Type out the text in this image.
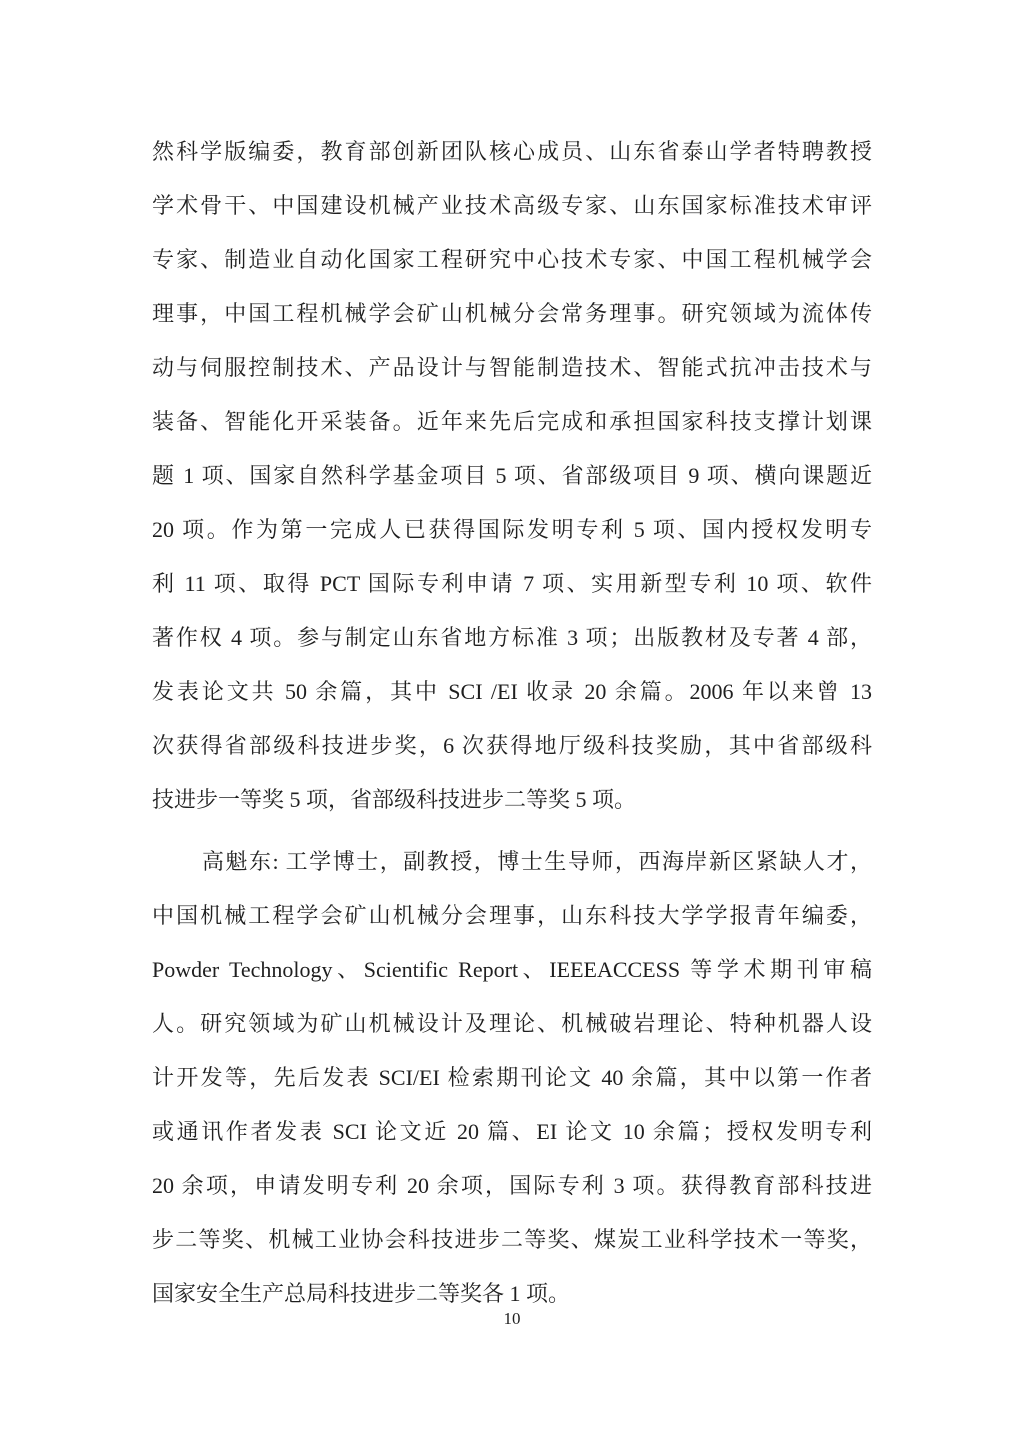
然科学版编委，教育部创新团队核心成员、山东省泰山学者特聘教授
学术骨干、中国建设机械产业技术高级专家、山东国家标准技术审评
专家、制造业自动化国家工程研究中心技术专家、中国工程机械学会
理事，中国工程机械学会矿山机械分会常务理事。研究领域为流体传
动与伺服控制技术、产品设计与智能制造技术、智能式抗冲击技术与
装备、智能化开采装备。近年来先后完成和承担国家科技支撑计划课
题 1 项、国家自然科学基金项目 5 项、省部级项目 9 项、横向课题近
20 项。作为第一完成人已获得国际发明专利 5 项、国内授权发明专
利 11 项、取得 PCT 国际专利申请 7 项、实用新型专利 10 项、软件
著作权 4 项。参与制定山东省地方标准 3 项；出版教材及专著 4 部，
发表论文共 50 余篇，其中 SCI /EI 收录 20 余篇。2006 年以来曾 13
次获得省部级科技进步奖，6 次获得地厅级科技奖励，其中省部级科
技进步一等奖 5 项，省部级科技进步二等奖 5 项。
高魁东: 工学博士，副教授，博士生导师，西海岸新区紧缺人才，
中国机械工程学会矿山机械分会理事，山东科技大学学报青年编委，
Powder Technology、Scientific Report、IEEEACCESS 等学术期刊审稿
人。研究领域为矿山机械设计及理论、机械破岩理论、特种机器人设
计开发等，先后发表 SCI/EI 检索期刊论文 40 余篇，其中以第一作者
或通讯作者发表 SCI 论文近 20 篇、EI 论文 10 余篇；授权发明专利
20 余项，申请发明专利 20 余项，国际专利 3 项。获得教育部科技进
步二等奖、机械工业协会科技进步二等奖、煤炭工业科学技术一等奖，
国家安全生产总局科技进步二等奖各 1 项。
10
